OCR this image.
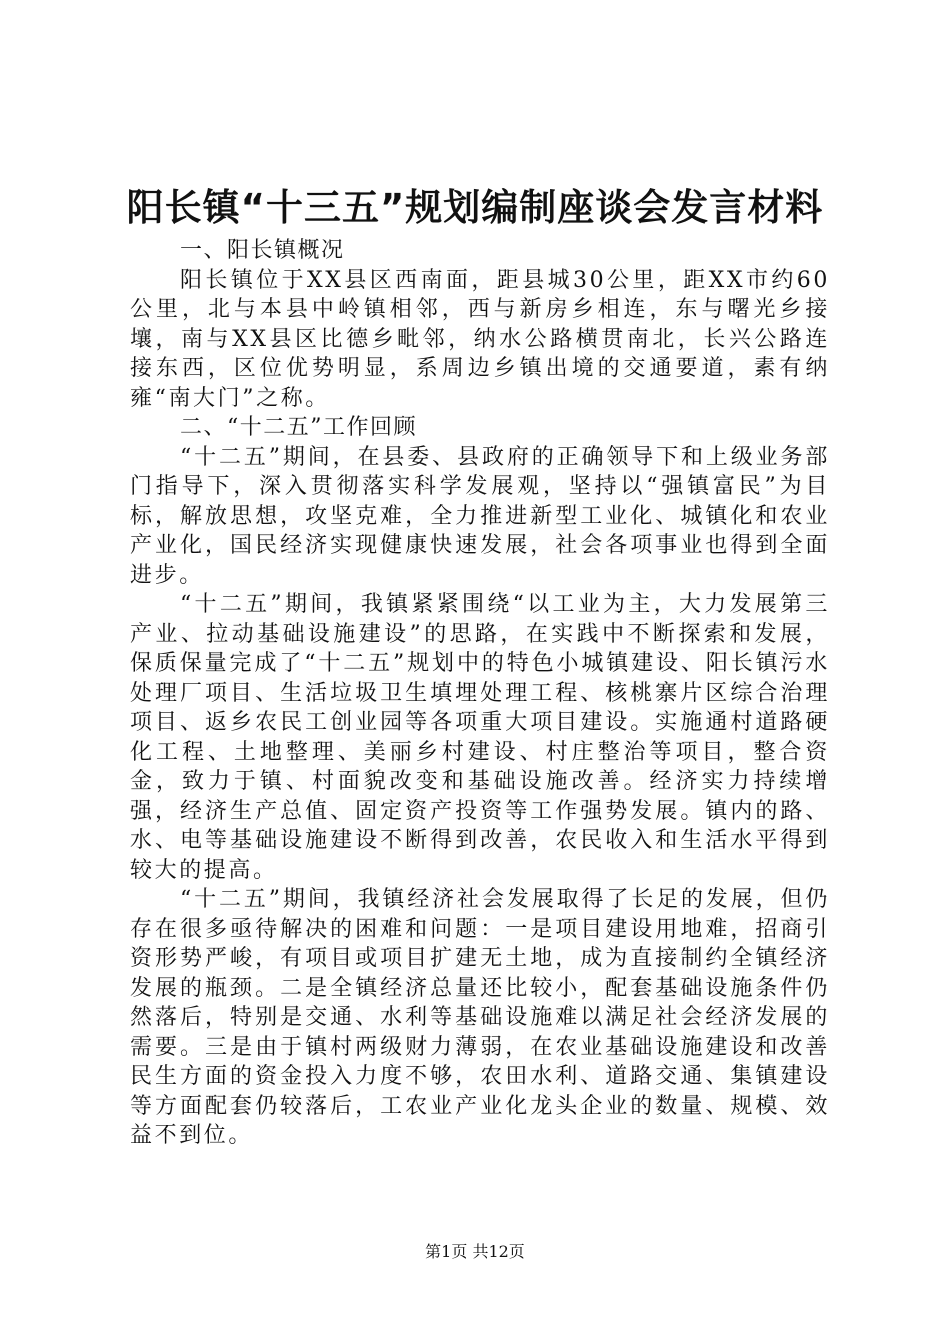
阳长镇“十三五”规划编制座谈会发言材料

一、阳长镇概况

阳长镇位于XX县区西南面，距县城30公里，距XX市约60公里，北与本县中岭镇相邻，西与新房乡相连，东与曙光乡接壤，南与XX县区比德乡毗邻，纳水公路横贯南北，长兴公路连接东西，区位优势明显，系周边乡镇出境的交通要道，素有纳雍“南大门”之称。

二、“十二五”工作回顾

“十二五”期间，在县委、县政府的正确领导下和上级业务部门指导下，深入贯彻落实科学发展观，坚持以“强镇富民”为目标，解放思想，攻坚克难，全力推进新型工业化、城镇化和农业产业化，国民经济实现健康快速发展，社会各项事业也得到全面进步。

“十二五”期间，我镇紧紧围绕“以工业为主，大力发展第三产业、拉动基础设施建设”的思路，在实践中不断探索和发展，保质保量完成了“十二五”规划中的特色小城镇建设、阳长镇污水处理厂项目、生活垃圾卫生填埋处理工程、核桃寨片区综合治理项目、返乡农民工创业园等各项重大项目建设。实施通村道路硬化工程、土地整理、美丽乡村建设、村庄整治等项目，整合资金，致力于镇、村面貌改变和基础设施改善。经济实力持续增强，经济生产总值、固定资产投资等工作强势发展。镇内的路、水、电等基础设施建设不断得到改善，农民收入和生活水平得到较大的提高。

“十二五”期间，我镇经济社会发展取得了长足的发展，但仍存在很多亟待解决的困难和问题：一是项目建设用地难，招商引资形势严峻，有项目或项目扩建无土地，成为直接制约全镇经济发展的瓶颈。二是全镇经济总量还比较小，配套基础设施条件仍然落后，特别是交通、水利等基础设施难以满足社会经济发展的需要。三是由于镇村两级财力薄弱，在农业基础设施建设和改善民生方面的资金投入力度不够，农田水利、道路交通、集镇建设等方面配套仍较落后，工农业产业化龙头企业的数量、规模、效益不到位。

第1页 共12页
